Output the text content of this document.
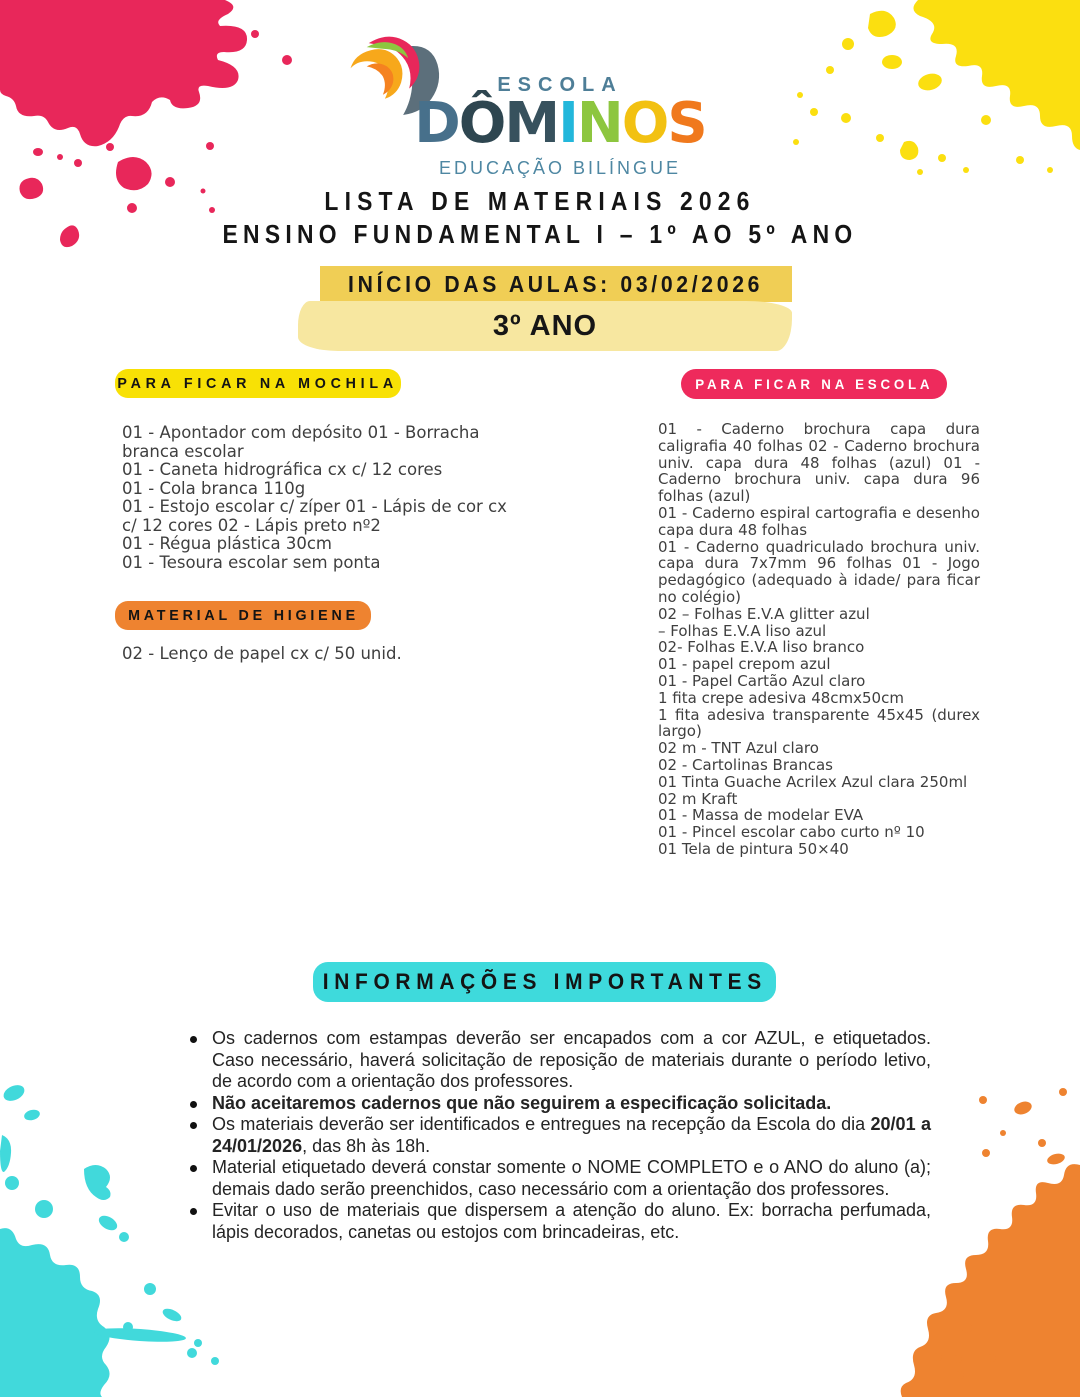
ESCOLA
DÔMINOS
EDUCAÇÃO BILÍNGUE
LISTA DE MATERIAIS 2026
ENSINO FUNDAMENTAL I – 1º AO 5º ANO
INÍCIO DAS AULAS: 03/02/2026
3º ANO
PARA FICAR NA MOCHILA

01 - Apontador com depósito 01 - Borracha branca escolar

01 - Caneta hidrográfica cx c/ 12 cores

01 - Cola branca 110g

01 - Estojo escolar c/ zíper 01 - Lápis de cor cx c/ 12 cores 02 - Lápis preto nº2

01 - Régua plástica 30cm

01 - Tesoura escolar sem ponta

MATERIAL DE HIGIENE

02 - Lenço de papel cx c/ 50 unid.

PARA FICAR NA ESCOLA

01 - Caderno brochura capa dura caligrafia 40 folhas 02 - Caderno brochura univ. capa dura 48 folhas (azul) 01 - Caderno brochura univ. capa dura 96 folhas (azul)

01 - Caderno espiral cartografia e desenho capa dura 48 folhas

01 - Caderno quadriculado brochura univ. capa dura 7x7mm 96 folhas 01 - Jogo pedagógico (adequado à idade/ para ficar no colégio)

02 – Folhas E.V.A glitter azul

– Folhas E.V.A liso azul

02- Folhas E.V.A liso branco

01 - papel crepom azul

01 - Papel Cartão Azul claro

1 fita crepe adesiva 48cmx50cm

1 fita adesiva transparente 45x45 (durex largo)

02 m - TNT Azul claro

02 - Cartolinas Brancas

01 Tinta Guache Acrilex Azul clara 250ml

02 m Kraft

01 - Massa de modelar EVA

01 - Pincel escolar cabo curto nº 10

01 Tela de pintura 50×40

INFORMAÇÕES IMPORTANTES
Os cadernos com estampas deverão ser encapados com a cor AZUL, e etiquetados. Caso necessário, haverá solicitação de reposição de materiais durante o período letivo, de acordo com a orientação dos professores.
Não aceitaremos cadernos que não seguirem a especificação solicitada.
Os materiais deverão ser identificados e entregues na recepção da Escola do dia 20/01 a 24/01/2026, das 8h às 18h.
Material etiquetado deverá constar somente o NOME COMPLETO e o ANO do aluno (a); demais dado serão preenchidos, caso necessário com a orientação dos professores.
Evitar o uso de materiais que dispersem a atenção do aluno. Ex: borracha perfumada, lápis decorados, canetas ou estojos com brincadeiras, etc.
